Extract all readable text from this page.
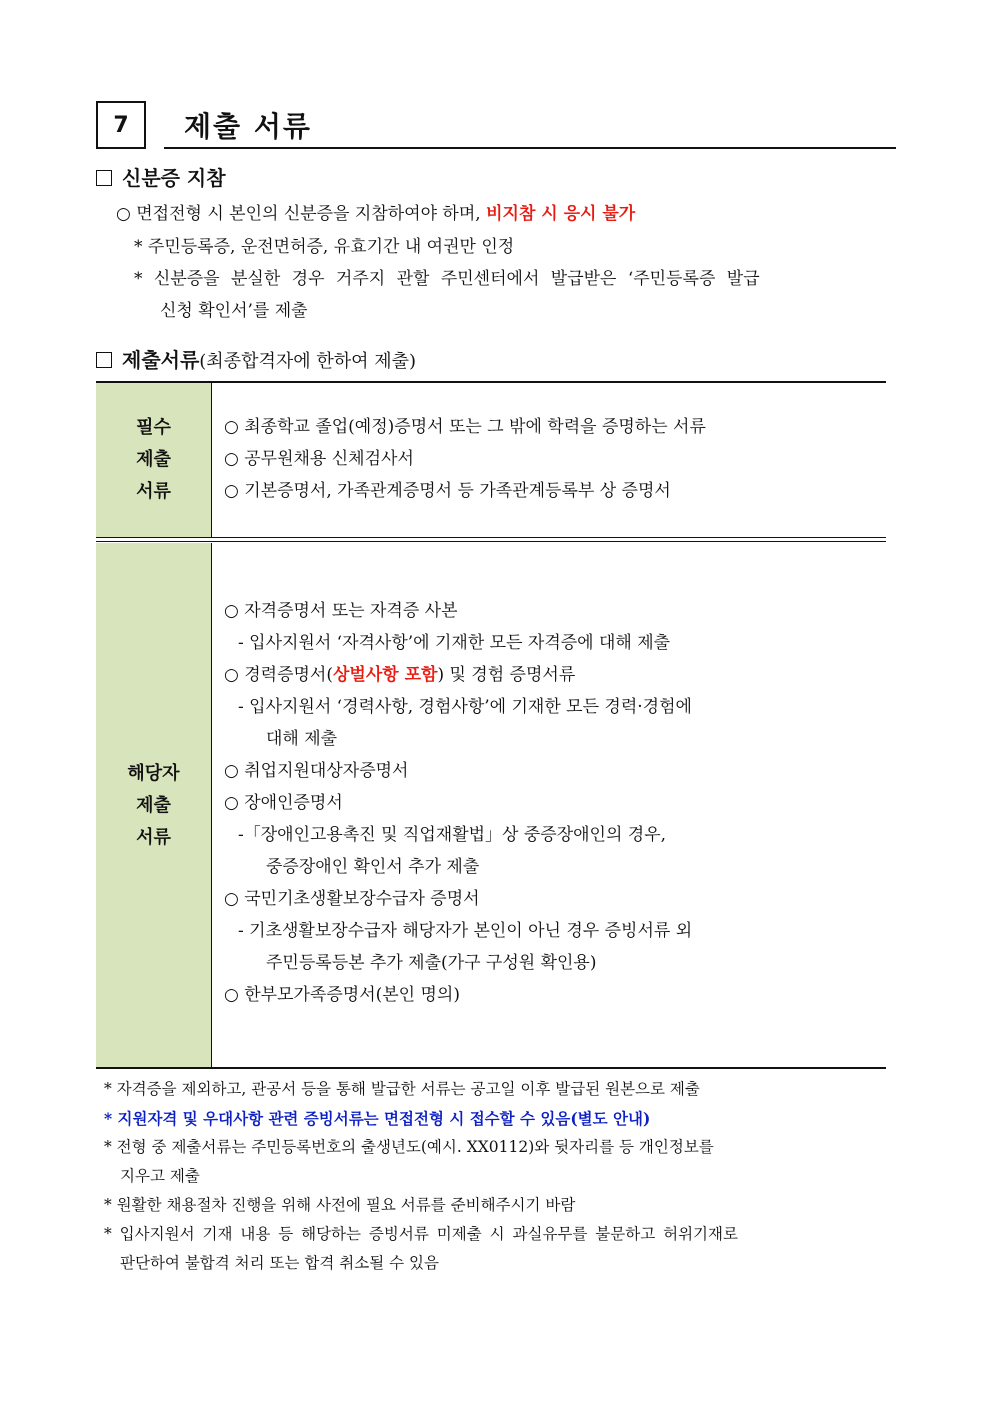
7	제출 서류
신분증 지참
○ 면접전형 시 본인의 신분증을 지참하여야 하며, 비지참 시 응시 불가
* 주민등록증, 운전면허증, 유효기간 내 여권만 인정
* 신분증을 분실한 경우 거주지 관할 주민센터에서 발급받은 ‘주민등록증 발급
신청 확인서’를 제출
제출서류(최종합격자에 한하여 제출)
필수
제출
서류
○ 최종학교 졸업(예정)증명서 또는 그 밖에 학력을 증명하는 서류
○ 공무원채용 신체검사서
○ 기본증명서, 가족관계증명서 등 가족관계등록부 상 증명서
해당자
제출
서류
○ 자격증명서 또는 자격증 사본
- 입사지원서 ‘자격사항’에 기재한 모든 자격증에 대해 제출
○ 경력증명서(상벌사항 포함) 및 경험 증명서류
- 입사지원서 ‘경력사항, 경험사항’에 기재한 모든 경력·경험에
대해 제출
○ 취업지원대상자증명서
○ 장애인증명서
-「장애인고용촉진 및 직업재활법」상 중증장애인의 경우,
중증장애인 확인서 추가 제출
○ 국민기초생활보장수급자 증명서
- 기초생활보장수급자 해당자가 본인이 아닌 경우 증빙서류 외
주민등록등본 추가 제출(가구 구성원 확인용)
○ 한부모가족증명서(본인 명의)
* 자격증을 제외하고, 관공서 등을 통해 발급한 서류는 공고일 이후 발급된 원본으로 제출
* 지원자격 및 우대사항 관련 증빙서류는 면접전형 시 접수할 수 있음(별도 안내)
* 전형 중 제출서류는 주민등록번호의 출생년도(예시. XX0112)와 뒷자리를 등 개인정보를
지우고 제출
* 원활한 채용절차 진행을 위해 사전에 필요 서류를 준비해주시기 바람
* 입사지원서 기재 내용 등 해당하는 증빙서류 미제출 시 과실유무를 불문하고 허위기재로
판단하여 불합격 처리 또는 합격 취소될 수 있음
